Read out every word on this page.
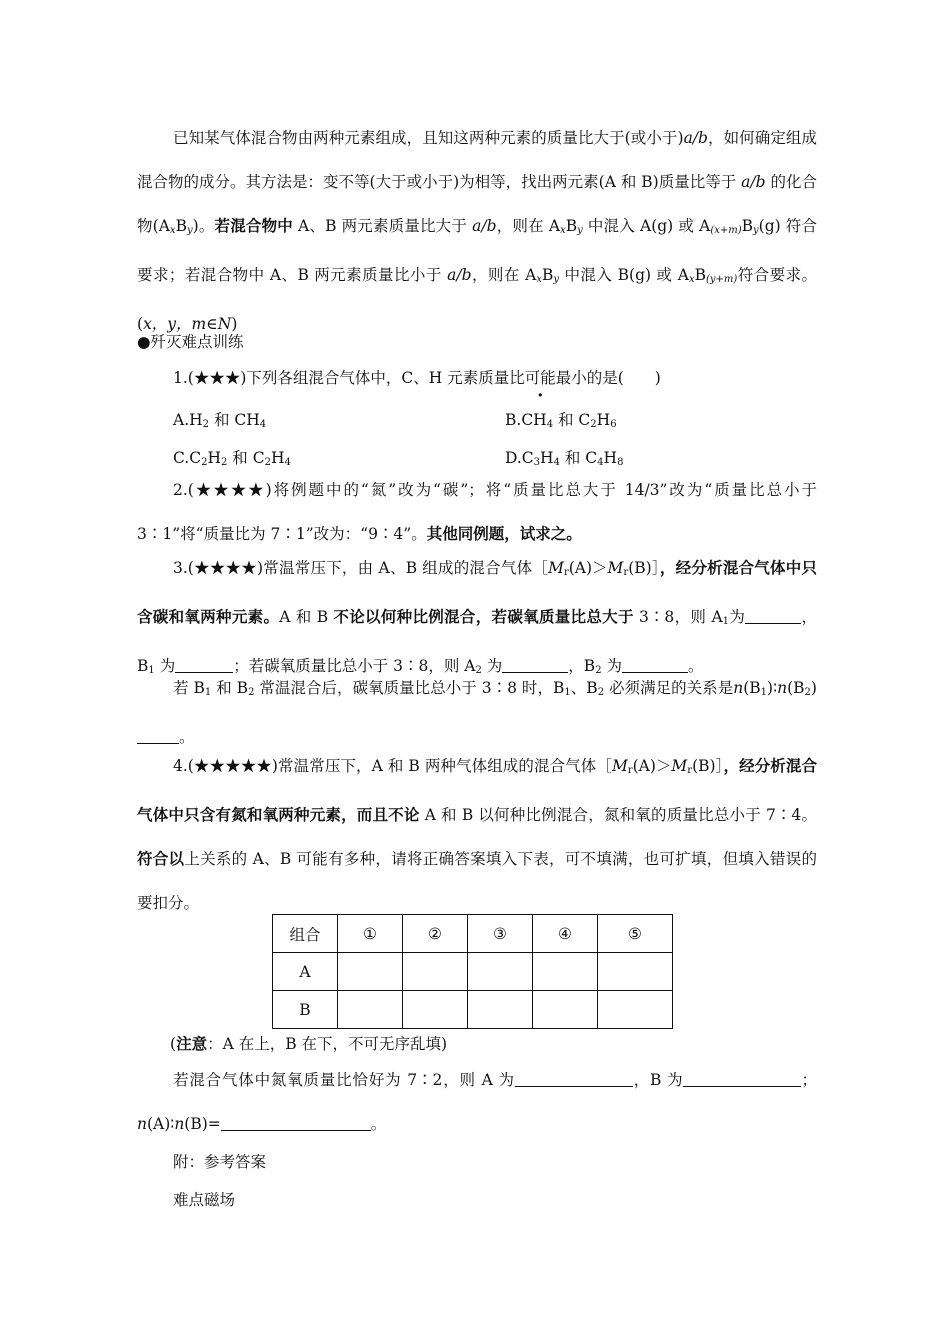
已知某气体混合物由两种元素组成，且知这两种元素的质量比大于(或小于)a/b，如何确定组成混合物的成分。其方法是：变不等(大于或小于)为相等，找出两元素(A 和 B)质量比等于 a/b 的化合物$(A_xB_y)$。若混合物中 A、B 两元素质量比大于 a/b，则在 $A_xB_y$ 中混入 A(g) 或 $A_{(x+m)}B_y(g)$ 符合要求；若混合物中 A、B 两元素质量比小于 a/b，则在 $A_xB_y$ 中混入 B(g) 或 $A_xB_{(y+m)}$符合要求。(x，y，m∈N)

●歼灭难点训练
1.(★★★)下列各组混合气体中，C、H 元素质量比可能最小的是(　　)
$A.H_2$ 和 $CH_4$	$B.CH_4$ 和 $C_2H_6$
$C.C_2H_2$ 和 $C_2H_4$	$D.C_3H_4$ 和 $C_4H_8$

2.(★★★★)将例题中的“氮”改为“碳”；将“质量比总大于 14/3”改为“质量比总小于 3∶1”将“质量比为 7∶1”改为：“9∶4”。其他同例题，试求之。

3.(★★★★)常温常压下，由 A、B 组成的混合气体$[M_r(A)>M_r(B)]$，经分析混合气体中只含碳和氧两种元素。A 和 B 不论以何种比例混合，若碳氧质量比总大于 3∶8，则 $A_1$为	，$B_1$ 为	；若碳氧质量比总小于 3∶8，则 $A_2$ 为	，$B_2$ 为	。

若 $B_1$ 和 $B_2$ 常温混合后，碳氧质量比总小于 3∶8 时，$B_1$、$B_2$ 必须满足的关系是$n(B_1)∶n(B_2)$。

4.(★★★★★)常温常压下，A 和 B 两种气体组成的混合气体$[M_r(A)>M_r(B)]$，经分析混合气体中只含有氮和氧两种元素，而且不论 A 和 B 以何种比例混合，氮和氧的质量比总小于 7∶4。符合以上关系的 A、B 可能有多种，请将正确答案填入下表，可不填满，也可扩填，但填入错误的要扣分。

组合	①	②	③	④	⑤
A					
B					
(注意：A 在上，B 在下，不可无序乱填)

若混合气体中氮氧质量比恰好为 7∶2，则 A 为	，B 为	；n(A)∶n(B)=	。

附：参考答案
难点磁场
